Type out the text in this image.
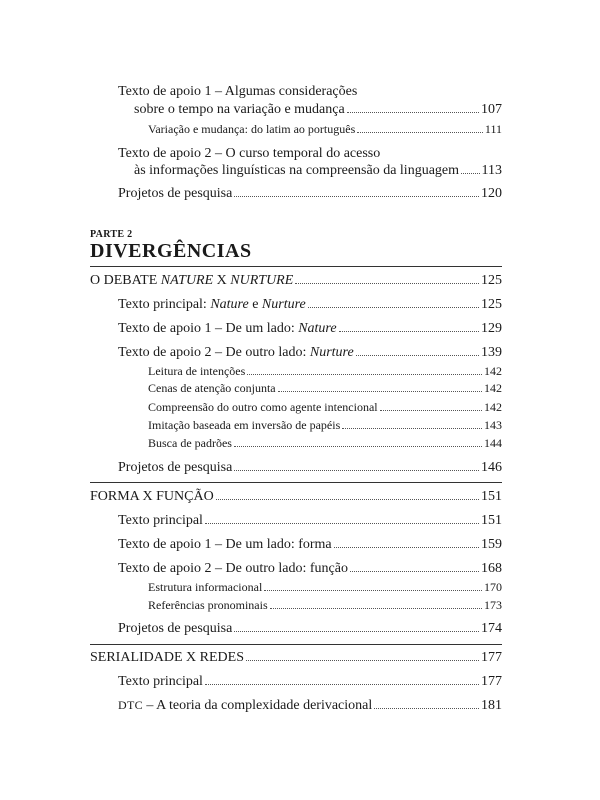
Texto de apoio 1 – Algumas considerações
sobre o tempo na variação e mudança	107
Variação e mudança: do latim ao português	111
Texto de apoio 2 – O curso temporal do acesso
às informações linguísticas na compreensão da linguagem 113
Projetos de pesquisa	120
PARTE 2
DIVERGÊNCIAS
O DEBATE NATURE X NURTURE	125
Texto principal: Nature e Nurture	125
Texto de apoio 1 – De um lado: Nature	129
Texto de apoio 2 – De outro lado: Nurture	139
Leitura de intenções	142
Cenas de atenção conjunta	142
Compreensão do outro como agente intencional	142
Imitação baseada em inversão de papéis	143
Busca de padrões	144
Projetos de pesquisa	146
FORMA X FUNÇÃO	151
Texto principal	151
Texto de apoio 1 – De um lado: forma	159
Texto de apoio 2 – De outro lado: função	168
Estrutura informacional	170
Referências pronominais	173
Projetos de pesquisa	174
SERIALIDADE X REDES	177
Texto principal	177
DTC – A teoria da complexidade derivacional	181
